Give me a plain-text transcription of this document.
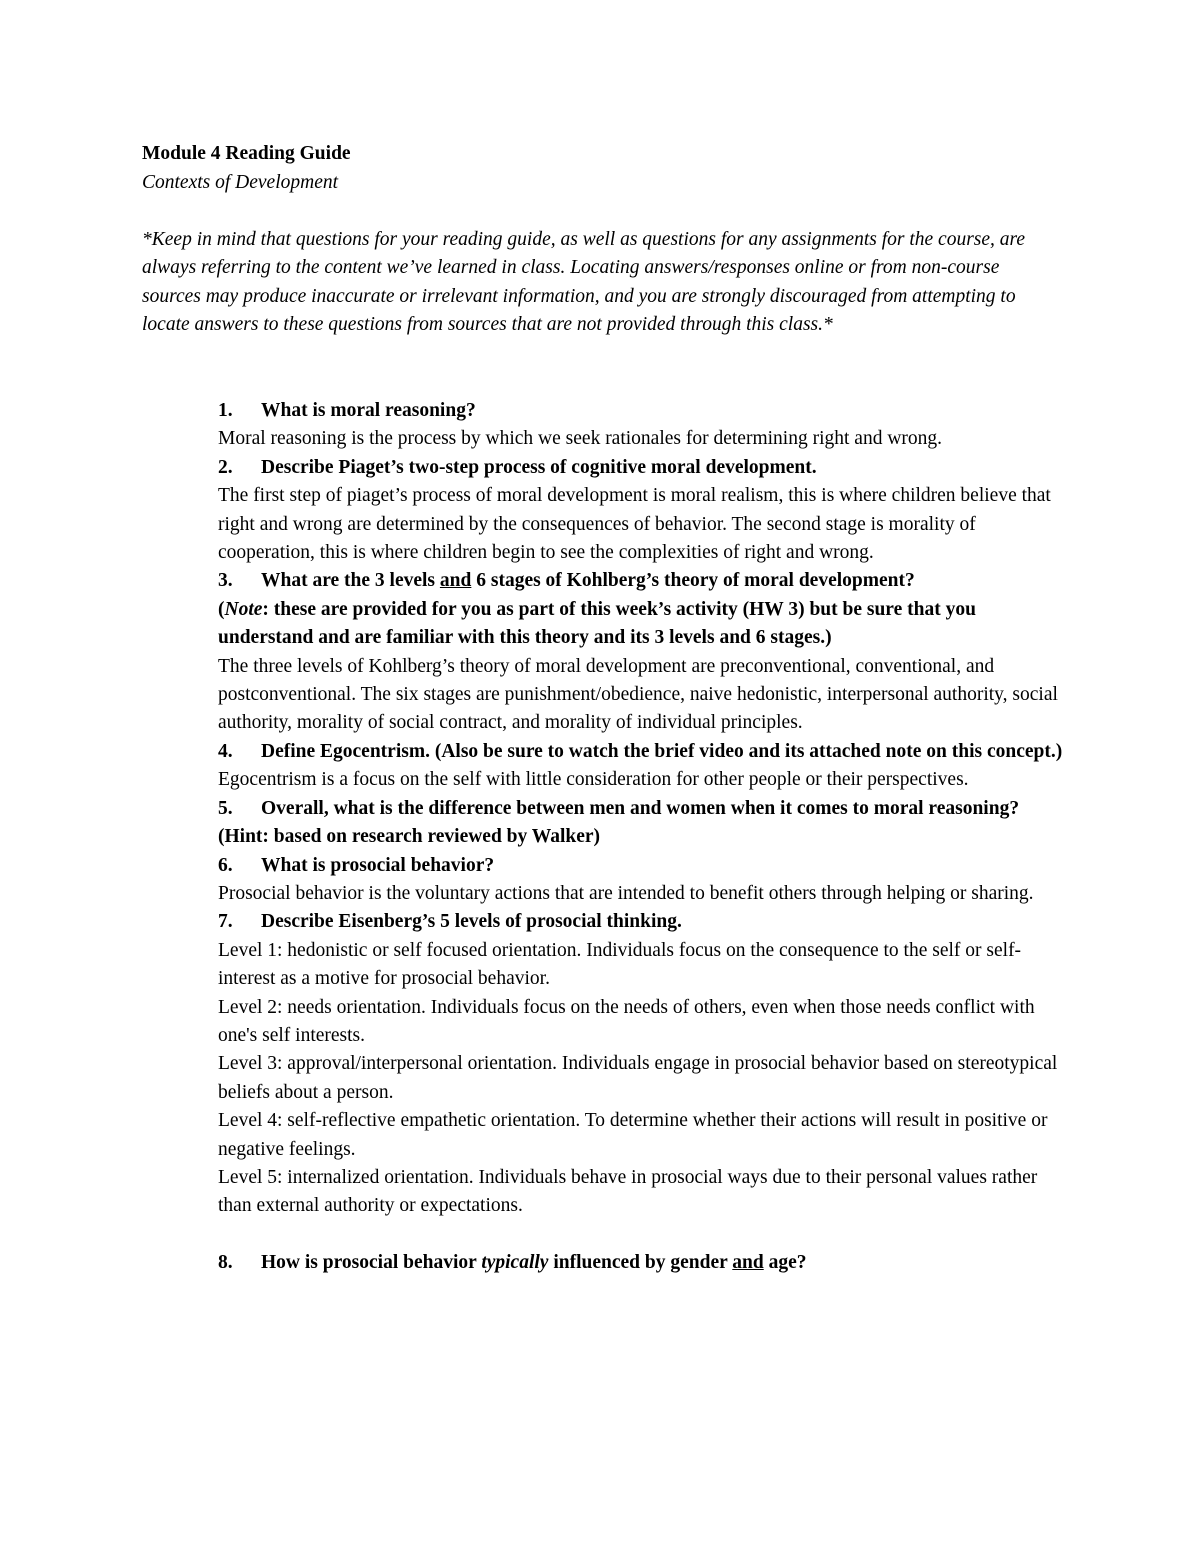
Module 4 Reading Guide

Contexts of Development

*Keep in mind that questions for your reading guide, as well as questions for any assignments for the course, are always referring to the content we’ve learned in class. Locating answers/responses online or from non-course sources may produce inaccurate or irrelevant information, and you are strongly discouraged from attempting to locate answers to these questions from sources that are not provided through this class.*

1.	What is moral reasoning?

Moral reasoning is the process by which we seek rationales for determining right and wrong.

2.	Describe Piaget’s two-step process of cognitive moral development.

The first step of piaget’s process of moral development is moral realism, this is where children believe that right and wrong are determined by the consequences of behavior. The second stage is morality of cooperation, this is where children begin to see the complexities of right and wrong.

3.	What are the 3 levels and 6 stages of Kohlberg’s theory of moral development?
(Note: these are provided for you as part of this week’s activity (HW 3) but be sure that you understand and are familiar with this theory and its 3 levels and 6 stages.)

The three levels of Kohlberg’s theory of moral development are preconventional, conventional, and postconventional. The six stages are punishment/obedience, naive hedonistic, interpersonal authority, social authority, morality of social contract, and morality of individual principles.

4.	Define Egocentrism. (Also be sure to watch the brief video and its attached note on this concept.)

Egocentrism is a focus on the self with little consideration for other people or their perspectives.

5.	Overall, what is the difference between men and women when it comes to moral reasoning? (Hint: based on research reviewed by Walker)
6.	What is prosocial behavior?

Prosocial behavior is the voluntary actions that are intended to benefit others through helping or sharing.

7.	Describe Eisenberg’s 5 levels of prosocial thinking.

Level 1: hedonistic or self focused orientation. Individuals focus on the consequence to the self or self-interest as a motive for prosocial behavior.

Level 2: needs orientation. Individuals focus on the needs of others, even when those needs conflict with one's self interests.

Level 3: approval/interpersonal orientation. Individuals engage in prosocial behavior based on stereotypical beliefs about a person.

Level 4: self-reflective empathetic orientation. To determine whether their actions will result in positive or negative feelings.

Level 5: internalized orientation. Individuals behave in prosocial ways due to their personal values rather than external authority or expectations.

8.	How is prosocial behavior typically influenced by gender and age?
